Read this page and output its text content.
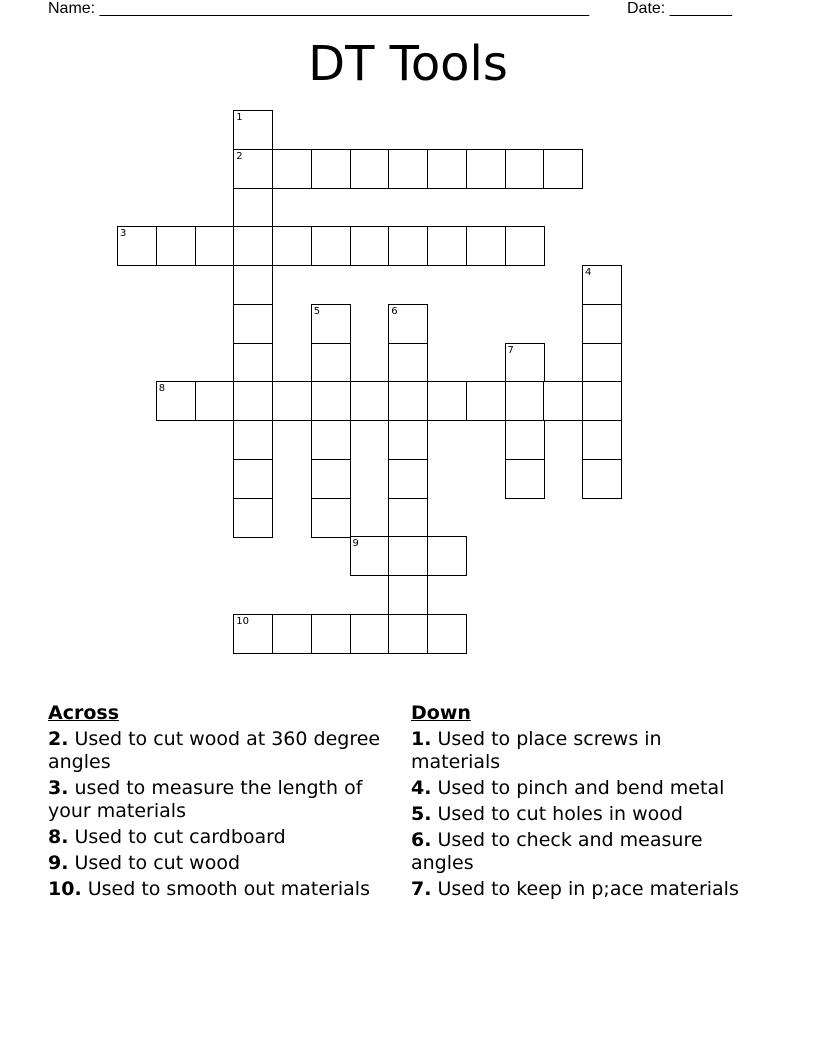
Name: _______________________________________________________ Date: _______
DT Tools
1
2
3
4
5	6
7
8
9
10
Across
2. Used to cut wood at 360 degree angles
3. used to measure the length of your materials
8. Used to cut cardboard
9. Used to cut wood
10. Used to smooth out materials
Down
1. Used to place screws in materials
4. Used to pinch and bend metal
5. Used to cut holes in wood
6. Used to check and measure angles
7. Used to keep in p;ace materials
